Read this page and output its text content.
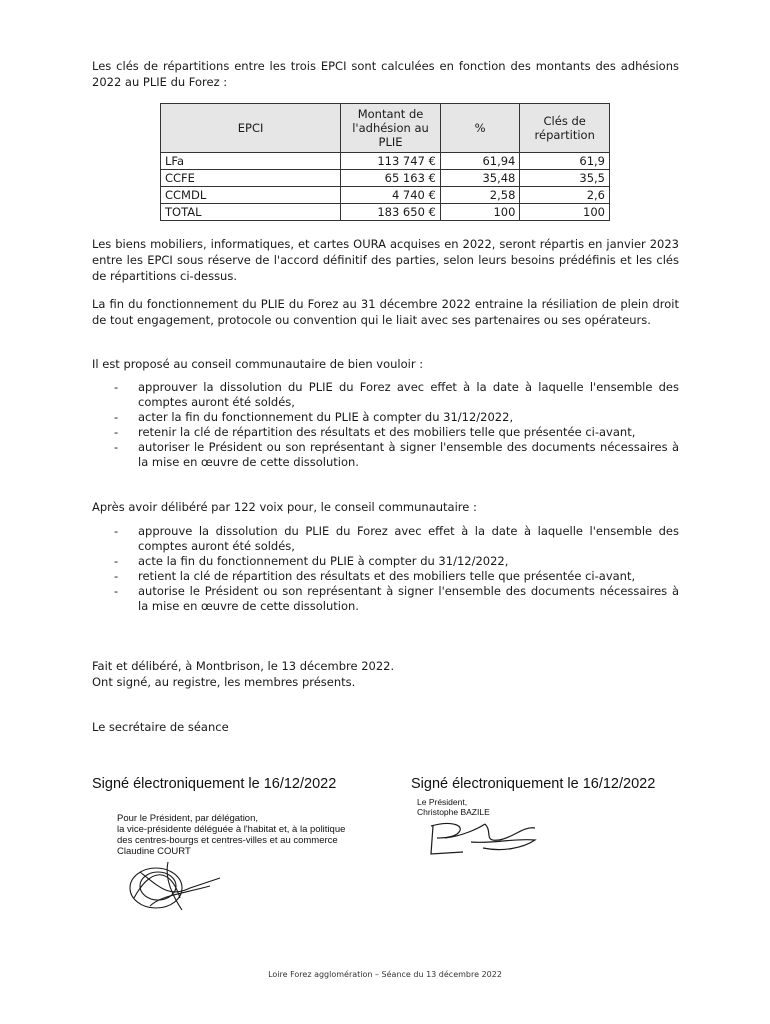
Les clés de répartitions entre les trois EPCI sont calculées en fonction des montants des adhésions 2022 au PLIE du Forez :

EPCI	Montant de l'adhésion au PLIE	%	Clés de répartition
LFa	113 747 €	61,94	61,9
CCFE	65 163 €	35,48	35,5
CCMDL	4 740 €	2,58	2,6
TOTAL	183 650 €	100	100

Les biens mobiliers, informatiques, et cartes OURA acquises en 2022, seront répartis en janvier 2023 entre les EPCI sous réserve de l'accord définitif des parties, selon leurs besoins prédéfinis et les clés de répartitions ci-dessus.

La fin du fonctionnement du PLIE du Forez au 31 décembre 2022 entraine la résiliation de plein droit de tout engagement, protocole ou convention qui le liait avec ses partenaires ou ses opérateurs.

Il est proposé au conseil communautaire de bien vouloir :

- approuver la dissolution du PLIE du Forez avec effet à la date à laquelle l'ensemble des comptes auront été soldés,
- acter la fin du fonctionnement du PLIE à compter du 31/12/2022,
- retenir la clé de répartition des résultats et des mobiliers telle que présentée ci-avant,
- autoriser le Président ou son représentant à signer l'ensemble des documents nécessaires à la mise en œuvre de cette dissolution.

Après avoir délibéré par 122 voix pour, le conseil communautaire :

- approuve la dissolution du PLIE du Forez avec effet à la date à laquelle l'ensemble des comptes auront été soldés,
- acte la fin du fonctionnement du PLIE à compter du 31/12/2022,
- retient la clé de répartition des résultats et des mobiliers telle que présentée ci-avant,
- autorise le Président ou son représentant à signer l'ensemble des documents nécessaires à la mise en œuvre de cette dissolution.

Fait et délibéré, à Montbrison, le 13 décembre 2022.

Ont signé, au registre, les membres présents.

Le secrétaire de séance

Signé électroniquement le 16/12/2022	Signé électroniquement le 16/12/2022
Pour le Président, par délégation,
la vice-présidente déléguée à l'habitat et, à la politique
des centres-bourgs et centres-villes et au commerce
Claudine COURT
Le Président,
Christophe BAZILE
Loire Forez agglomération – Séance du 13 décembre 2022
